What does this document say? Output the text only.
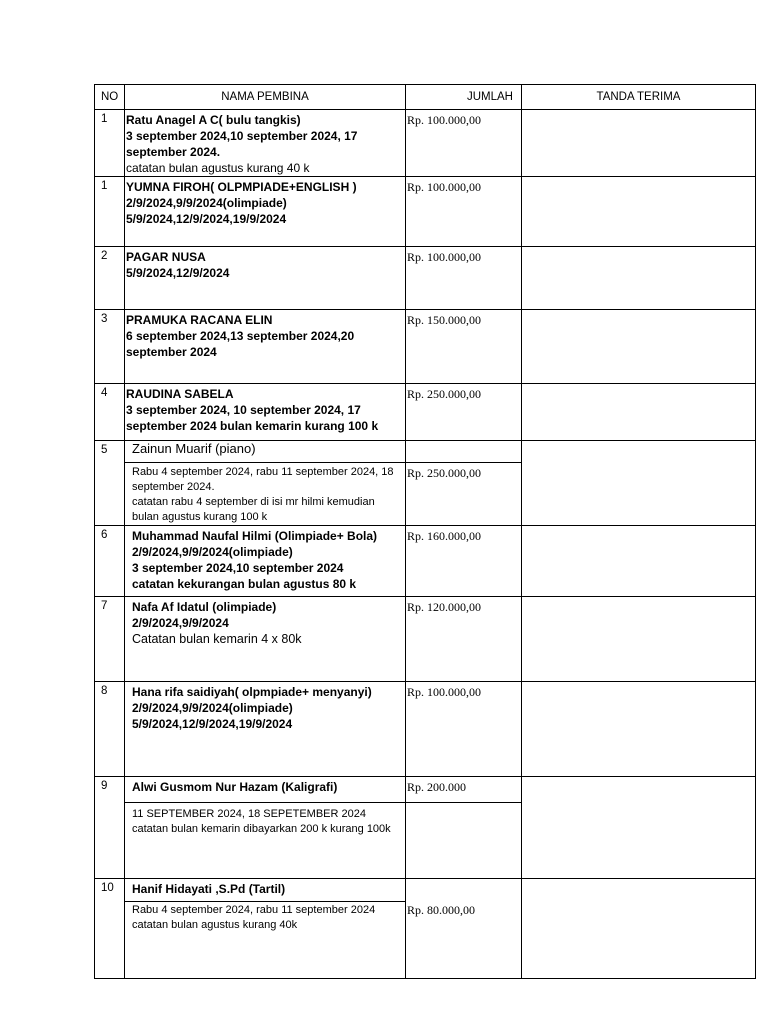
NO	NAMA PEMBINA	JUMLAH	TANDA TERIMA
1	Ratu Anagel A C( bulu tangkis)
3 september 2024,10 september 2024, 17 september 2024.
catatan bulan agustus kurang 40 k	Rp. 100.000,00	
1	YUMNA FIROH( OLPMPIADE+ENGLISH )
2/9/2024,9/9/2024(olimpiade)
5/9/2024,12/9/2024,19/9/2024	Rp. 100.000,00	
2	PAGAR NUSA
5/9/2024,12/9/2024	Rp. 100.000,00	
3	PRAMUKA RACANA ELIN
6 september 2024,13 september 2024,20 september 2024	Rp. 150.000,00	
4	RAUDINA SABELA
3 september 2024, 10 september 2024, 17 september 2024 bulan kemarin kurang 100 k	Rp. 250.000,00	
5	Zainun Muarif (piano)		

	Rabu 4 september 2024, rabu 11 september 2024, 18 september 2024.
catatan rabu 4 september di isi mr hilmi kemudian bulan agustus kurang 100 k	Rp. 250.000,00	
6	Muhammad Naufal Hilmi (Olimpiade+ Bola)
2/9/2024,9/9/2024(olimpiade)
3 september 2024,10 september 2024
catatan kekurangan bulan agustus 80 k	Rp. 160.000,00	
7	Nafa Af Idatul (olimpiade)
2/9/2024,9/9/2024
Catatan bulan kemarin 4 x 80k	Rp. 120.000,00	
8	Hana rifa saidiyah( olpmpiade+ menyanyi)
2/9/2024,9/9/2024(olimpiade)
5/9/2024,12/9/2024,19/9/2024	Rp. 100.000,00	
9	Alwi Gusmom Nur Hazam (Kaligrafi)	Rp. 200.000	

	11 SEPTEMBER 2024, 18 SEPETEMBER 2024
catatan bulan kemarin dibayarkan 200 k kurang 100k		

10	Hanif Hidayati ,S.Pd (Tartil)	Rp. 80.000,00	

	Rabu 4 september 2024, rabu 11 september 2024
catatan bulan agustus kurang 40k		
